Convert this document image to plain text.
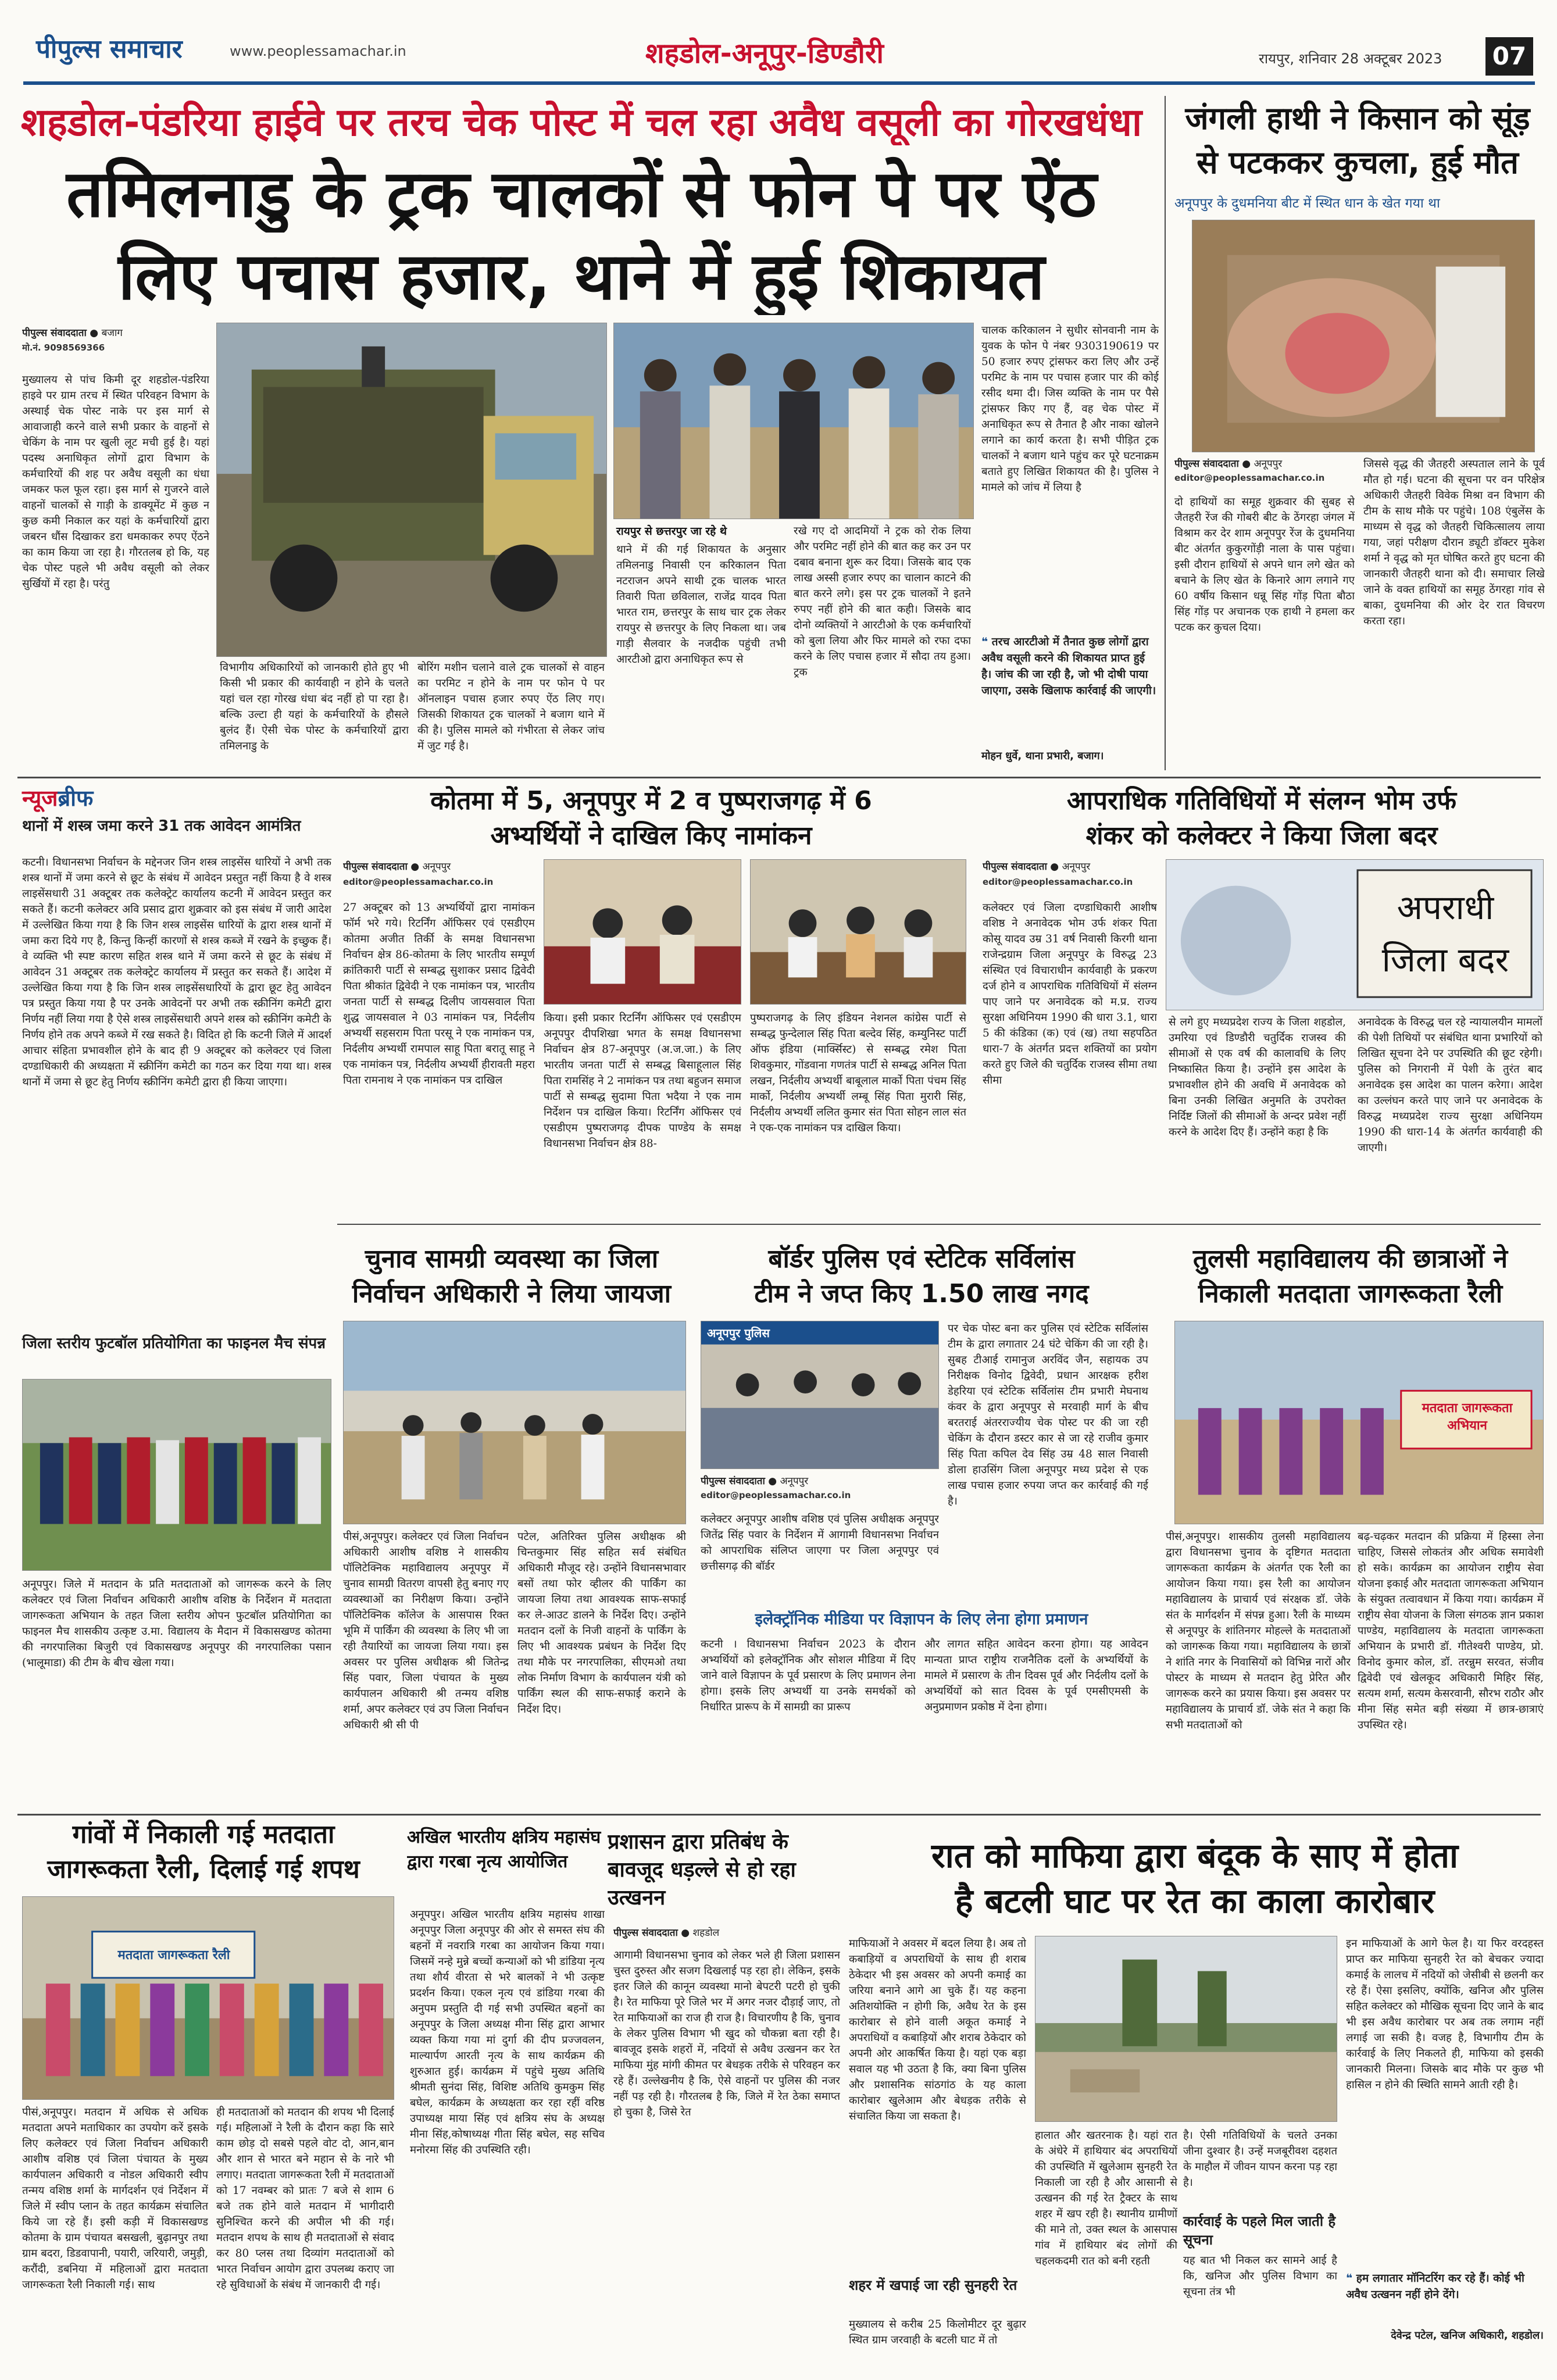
पीपुल्स समाचार	www.peoplessamachar.in	शहडोल-अनूपुर-डिण्डौरी	रायपुर, शनिवार 28 अक्टूबर 2023 07
शहडोल-पंडरिया हाईवे पर तरच चेक पोस्ट में चल रहा अवैध वसूली का गोरखधंधा
तमिलनाडु के ट्रक चालकों से फोन पे पर ऐंठ
लिए पचास हजार, थाने में हुई शिकायत
पीपुल्स संवाददाता ● बजाग
मो.नं. 9098569366
मुख्यालय से पांच किमी दूर शहडोल-पंडरिया हाइवे पर ग्राम तरच में स्थित परिवहन विभाग के अस्थाई चेक पोस्ट नाके पर इस मार्ग से आवाजाही करने वाले सभी प्रकार के वाहनों से चेकिंग के नाम पर खुली लूट मची हुई है। यहां पदस्थ अनाधिकृत लोगों द्वारा विभाग के कर्मचारियों की शह पर अवैध वसूली का धंधा जमकर फल फूल रहा। इस मार्ग से गुजरने वाले वाहनों चालकों से गाड़ी के डाक्यूमेंट में कुछ न कुछ कमी निकाल कर यहां के कर्मचारियों द्वारा जबरन धौंस दिखाकर डरा धमकाकर रुपए ऐंठने का काम किया जा रहा है। गौरतलब हो कि, यह चेक पोस्ट पहले भी अवैध वसूली को लेकर सुर्खियों में रहा है। परंतु
विभागीय अधिकारियों को जानकारी होते हुए भी किसी भी प्रकार की कार्यवाही न होने के चलते यहां चल रहा गोरख धंधा बंद नहीं हो पा रहा है। बल्कि उल्टा ही यहां के कर्मचारियों के हौसले बुलंद हैं। ऐसी चेक पोस्ट के कर्मचारियों द्वारा तमिलनाडु के
बोरिंग मशीन चलाने वाले ट्रक चालकों से वाहन का परमिट न होने के नाम पर फोन पे पर ऑनलाइन पचास हजार रुपए ऐंठ लिए गए। जिसकी शिकायत ट्रक चालकों ने बजाग थाने में की है। पुलिस मामले को गंभीरता से लेकर जांच में जुट गई है।
रायपुर से छत्तरपुर जा रहे थे
थाने में की गई शिकायत के अनुसार तमिलनाडु निवासी एन करिकालन पिता नटराजन अपने साथी ट्रक चालक भारत तिवारी पिता छविलाल, राजेंद्र यादव पिता भारत राम, छत्तरपुर के साथ चार ट्रक लेकर रायपुर से छत्तरपुर के लिए निकला था। जब गाड़ी सैलवार के नजदीक पहुंची तभी आरटीओ द्वारा अनाधिकृत रूप से
रखे गए दो आदमियों ने ट्रक को रोक लिया और परमिट नहीं होने की बात कह कर उन पर दबाव बनाना शुरू कर दिया। जिसके बाद एक लाख अस्सी हजार रुपए का चालान काटने की बात करने लगे। इस पर ट्रक चालकों ने इतने रुपए नहीं होने की बात कही। जिसके बाद दोनो व्यक्तियों ने आरटीओ के एक कर्मचारियों को बुला लिया और फिर मामले को रफा दफा करने के लिए पचास हजार में सौदा तय हुआ। ट्रक
चालक करिकालन ने सुधीर सोनवानी नाम के युवक के फोन पे नंबर 9303190619 पर 50 हजार रुपए ट्रांसफर करा लिए और उन्हें परमिट के नाम पर पचास हजार पार की कोई रसीद थमा दी। जिस व्यक्ति के नाम पर पैसे ट्रांसफर किए गए हैं, वह चेक पोस्ट में अनाधिकृत रूप से तैनात है और नाका खोलने लगाने का कार्य करता है। सभी पीड़ित ट्रक चालकों ने बजाग थाने पहुंच कर पूरे घटनाक्रम बताते हुए लिखित शिकायत की है। पुलिस ने मामले को जांच में लिया है
❝ तरच आरटीओ में तैनात कुछ लोगों द्वारा अवैध वसूली करने की शिकायत प्राप्त हुई है। जांच की जा रही है, जो भी दोषी पाया जाएगा, उसके खिलाफ कार्रवाई की जाएगी।
मोहन धुर्वे, थाना प्रभारी, बजाग।
जंगली हाथी ने किसान को सूंड़
से पटककर कुचला, हुई मौत
अनूपपुर के दुधमनिया बीट में स्थित धान के खेत गया था
पीपुल्स संवाददाता ● अनूपपुर
editor@peoplessamachar.co.in
दो हाथियों का समूह शुक्रवार की सुबह से जैतहरी रेंज की गोबरी बीट के ठेंगरहा जंगल में विश्राम कर देर शाम अनूपपुर रेंज के दुधमनिया बीट अंतर्गत कुकुरगोंड़ी नाला के पास पहुंचा। इसी दौरान हाथियों से अपने धान लगे खेत को बचाने के लिए खेत के किनारे आग लगाने गए 60 वर्षीय किसान धन्नू सिंह गोंड़ पिता बौठा सिंह गोंड़ पर अचानक एक हाथी ने हमला कर पटक कर कुचल दिया।
जिससे वृद्ध की जैतहरी अस्पताल लाने के पूर्व मौत हो गई। घटना की सूचना पर वन परिक्षेत्र अधिकारी जैतहरी विवेक मिश्रा वन विभाग की टीम के साथ मौके पर पहुंचे। 108 एंबुलेंस के माध्यम से वृद्ध को जैतहरी चिकित्सालय लाया गया, जहां परीक्षण दौरान ड्यूटी डॉक्टर मुकेश शर्मा ने वृद्ध को मृत घोषित करते हुए घटना की जानकारी जैतहरी थाना को दी। समाचार लिखे जाने के वक्त हाथियों का समूह ठेंगरहा गांव से बाका, दुधमनिया की ओर देर रात विचरण करता रहा।
न्यूजब्रीफ
थानों में शस्त्र जमा करने 31 तक आवेदन आमंत्रित
कटनी। विधानसभा निर्वाचन के मद्देनजर जिन शस्त्र लाइसेंस धारियों ने अभी तक शस्त्र थानों में जमा करने से छूट के संबंध में आवेदन प्रस्तुत नहीं किया है वे शस्त्र लाइसेंसधारी 31 अक्टूबर तक कलेक्ट्रेट कार्यालय कटनी में आवेदन प्रस्तुत कर सकते हैं। कटनी कलेक्टर अवि प्रसाद द्वारा शुक्रवार को इस संबंध में जारी आदेश में उल्लेखित किया गया है कि जिन शस्त्र लाइसेंस धारियों के द्वारा शस्त्र थानों में जमा करा दिये गए है, किन्तु किन्हीं कारणों से शस्त्र कब्जे में रखने के इच्छुक हैं। वे व्यक्ति भी स्पष्ट कारण सहित शस्त्र थाने में जमा करने से छूट के संबंध में आवेदन 31 अक्टूबर तक कलेक्ट्रेट कार्यालय में प्रस्तुत कर सकते हैं। आदेश में उल्लेखित किया गया है कि जिन शस्त्र लाइसेंसधारियों के द्वारा छूट हेतु आवेदन पत्र प्रस्तुत किया गया है पर उनके आवेदनों पर अभी तक स्क्रीनिंग कमेटी द्वारा निर्णय नहीं लिया गया है ऐसे शस्त्र लाइसेंसधारी अपने शस्त्र को स्क्रीनिंग कमेटी के निर्णय होने तक अपने कब्जे में रख सकते है। विदित हो कि कटनी जिले में आदर्श आचार संहिता प्रभावशील होने के बाद ही 9 अक्टूबर को कलेक्टर एवं जिला दण्डाधिकारी की अध्यक्षता में स्क्रीनिंग कमेटी का गठन कर दिया गया था। शस्त्र थानों में जमा से छूट हेतु निर्णय स्क्रीनिंग कमेटी द्वारा ही किया जाएगा।
जिला स्तरीय फुटबॉल प्रतियोगिता का फाइनल मैच संपन्न
अनूपपुर। जिले में मतदान के प्रति मतदाताओं को जागरूक करने के लिए कलेक्टर एवं जिला निर्वाचन अधिकारी आशीष वशिष्ठ के निर्देशन में मतदाता जागरूकता अभियान के तहत जिला स्तरीय ओपन फुटबॉल प्रतियोगिता का फाइनल मैच शासकीय उत्कृष्ट उ.मा. विद्यालय के मैदान में विकासखण्ड कोतमा की नगरपालिका बिजुरी एवं विकासखण्ड अनूपपुर की नगरपालिका पसान (भालूमाडा) की टीम के बीच खेला गया।
कोतमा में 5, अनूपपुर में 2 व पुष्पराजगढ़ में 6
अभ्यर्थियों ने दाखिल किए नामांकन
पीपुल्स संवाददाता ● अनूपपुर
editor@peoplessamachar.co.in
27 अक्टूबर को 13 अभ्यर्थियों द्वारा नामांकन फॉर्म भरे गये। रिटर्निंग ऑफिसर एवं एसडीएम कोतमा अजीत तिर्की के समक्ष विधानसभा निर्वाचन क्षेत्र 86-कोतमा के लिए भारतीय सम्पूर्ण क्रांतिकारी पार्टी से सम्बद्ध सुशाकर प्रसाद द्विवेदी पिता श्रीकांत द्विवेदी ने एक नामांकन पत्र, भारतीय जनता पार्टी से सम्बद्ध दिलीप जायसवाल पिता शुद्ध जायसवाल ने 03 नामांकन पत्र, निर्दलीय अभ्यर्थी सहसराम पिता परसू ने एक नामांकन पत्र, निर्दलीय अभ्यर्थी रामपाल साहू पिता बरातू साहू ने एक नामांकन पत्र, निर्दलीय अभ्यर्थी हीरावती महरा पिता रामनाथ ने एक नामांकन पत्र दाखिल
किया। इसी प्रकार रिटर्निंग ऑफिसर एवं एसडीएम अनूपपुर दीपशिखा भगत के समक्ष विधानसभा निर्वाचन क्षेत्र 87-अनूपपुर (अ.ज.जा.) के लिए भारतीय जनता पार्टी से सम्बद्ध बिसाहूलाल सिंह पिता रामसिंह ने 2 नामांकन पत्र तथा बहुजन समाज पार्टी से सम्बद्ध सुदामा पिता भदैया ने एक नाम निर्देशन पत्र दाखिल किया। रिटर्निंग ऑफिसर एवं एसडीएम पुष्पराजगढ़ दीपक पाण्डेय के समक्ष विधानसभा निर्वाचन क्षेत्र 88-
पुष्पराजगढ़ के लिए इंडियन नेशनल कांग्रेस पार्टी से सम्बद्ध फुन्देलाल सिंह पिता बल्देव सिंह, कम्युनिस्ट पार्टी ऑफ इंडिया (मार्क्सिस्ट) से सम्बद्ध रमेश पिता शिवकुमार, गोंडवाना गणतंत्र पार्टी से सम्बद्ध अनिल पिता लखन, निर्दलीय अभ्यर्थी बाबूलाल मार्को पिता पंचम सिंह मार्को, निर्दलीय अभ्यर्थी लम्बू सिंह पिता मुरारी सिंह, निर्दलीय अभ्यर्थी ललित कुमार संत पिता सोहन लाल संत ने एक-एक नामांकन पत्र दाखिल किया।
आपराधिक गतिविधियों में संलग्न भोम उर्फ
शंकर को कलेक्टर ने किया जिला बदर
पीपुल्स संवाददाता ● अनूपपुर
editor@peoplessamachar.co.in
अपराधी
जिला बदर
कलेक्टर एवं जिला दण्डाधिकारी आशीष वशिष्ठ ने अनावेदक भोम उर्फ शंकर पिता कोसू यादव उम्र 31 वर्ष निवासी किरगी थाना राजेन्द्रग्राम जिला अनूपपुर के विरुद्ध 23 संस्थित एवं विचाराधीन कार्यवाही के प्रकरण दर्ज होने व आपराधिक गतिविधियों में संलग्न पाए जाने पर अनावेदक को म.प्र. राज्य सुरक्षा अधिनियम 1990 की धारा 3.1, धारा 5 की कंडिका (क) एवं (ख) तथा सहपठित धारा-7 के अंतर्गत प्रदत्त शक्तियों का प्रयोग करते हुए जिले की चतुर्दिक राजस्व सीमा तथा सीमा
से लगे हुए मध्यप्रदेश राज्य के जिला शहडोल, उमरिया एवं डिण्डौरी चतुर्दिक राजस्व की सीमाओं से एक वर्ष की कालावधि के लिए निष्कासित किया है। उन्होंने इस आदेश के प्रभावशील होने की अवधि में अनावेदक को बिना उनकी लिखित अनुमति के उपरोक्त निर्दिष्ट जिलों की सीमाओं के अन्दर प्रवेश नहीं करने के आदेश दिए हैं। उन्होंने कहा है कि
अनावेदक के विरुद्ध चल रहे न्यायालयीन मामलों की पेशी तिथियों पर संबंधित थाना प्रभारियों को लिखित सूचना देने पर उपस्थिति की छूट रहेगी। पुलिस को निगरानी में पेशी के तुरंत बाद अनावेदक इस आदेश का पालन करेगा। आदेश का उल्लंघन करते पाए जाने पर अनावेदक के विरुद्ध मध्यप्रदेश राज्य सुरक्षा अधिनियम 1990 की धारा-14 के अंतर्गत कार्यवाही की जाएगी।
चुनाव सामग्री व्यवस्था का जिला
निर्वाचन अधिकारी ने लिया जायजा
पीसं,अनूपपुर। कलेक्टर एवं जिला निर्वाचन अधिकारी आशीष वशिष्ठ ने शासकीय पॉलिटेक्निक महाविद्यालय अनूपपुर में चुनाव सामग्री वितरण वापसी हेतु बनाए गए व्यवस्थाओं का निरीक्षण किया। उन्होंने पॉलिटेक्निक कॉलेज के आसपास रिक्त भूमि में पार्किंग की व्यवस्था के लिए भी जा रही तैयारियों का जायजा लिया गया। इस अवसर पर पुलिस अधीक्षक श्री जितेन्द्र सिंह पवार, जिला पंचायत के मुख्य कार्यपालन अधिकारी श्री तन्मय वशिष्ठ शर्मा, अपर कलेक्टर एवं उप जिला निर्वाचन अधिकारी श्री सी पी
पटेल, अतिरिक्त पुलिस अधीक्षक श्री चिन्तकुमार सिंह सहित सर्व संबंधित अधिकारी मौजूद रहे। उन्होंने विधानसभावार बसों तथा फोर व्हीलर की पार्किंग का जायजा लिया तथा आवश्यक साफ-सफाई कर ले-आउट डालने के निर्देश दिए। उन्होंने मतदान दलों के निजी वाहनों के पार्किंग के लिए भी आवश्यक प्रबंधन के निर्देश दिए तथा मौके पर नगरपालिका, सीएमओ तथा लोक निर्माण विभाग के कार्यपालन यंत्री को पार्किंग स्थल की साफ-सफाई कराने के निर्देश दिए।
बॉर्डर पुलिस एवं स्टेटिक सर्विलांस
टीम ने जप्त किए 1.50 लाख नगद
अनूपपुर पुलिस
पीपुल्स संवाददाता ● अनूपपुर
editor@peoplessamachar.co.in
कलेक्टर अनूपपुर आशीष वशिष्ठ एवं पुलिस अधीक्षक अनूपपुर जितेंद्र सिंह पवार के निर्देशन में आगामी विधानसभा निर्वाचन को आपराधिक संलिप्त जाएगा पर जिला अनूपपुर एवं छत्तीसगढ़ की बॉर्डर
पर चेक पोस्ट बना कर पुलिस एवं स्टेटिक सर्विलांस टीम के द्वारा लगातार 24 घंटे चेकिंग की जा रही है। सुबह टीआई रामानुज अरविंद जैन, सहायक उप निरीक्षक विनोद द्विवेदी, प्रधान आरक्षक हरीश डेहरिया एवं स्टेटिक सर्विलांस टीम प्रभारी मेघनाथ कंवर के द्वारा अनूपपुर से मरवाही मार्ग के बीच बरतराई अंतरराज्यीय चेक पोस्ट पर की जा रही चेकिंग के दौरान डस्टर कार से जा रहे राजीव कुमार सिंह पिता कपिल देव सिंह उम्र 48 साल निवासी डोला हाउसिंग जिला अनूपपुर मध्य प्रदेश से एक लाख पचास हजार रुपया जप्त कर कार्रवाई की गई है।
इलेक्ट्रॉनिक मीडिया पर विज्ञापन के लिए लेना होगा प्रमाणन
कटनी । विधानसभा निर्वाचन 2023 के दौरान अभ्यर्थियों को इलेक्ट्रॉनिक और सोशल मीडिया में दिए जाने वाले विज्ञापन के पूर्व प्रसारण के लिए प्रमाणन लेना होगा। इसके लिए अभ्यर्थी या उनके समर्थकों को निर्धारित प्रारूप के में सामग्री का प्रारूप
और लागत सहित आवेदन करना होगा। यह आवेदन मान्यता प्राप्त राष्ट्रीय राजनैतिक दलों के अभ्यर्थियों के मामले में प्रसारण के तीन दिवस पूर्व और निर्दलीय दलों के अभ्यर्थियों को सात दिवस के पूर्व एमसीएमसी के अनुप्रमाणन प्रकोष्ठ में देना होगा।
तुलसी महाविद्यालय की छात्राओं ने
निकाली मतदाता जागरूकता रैली
मतदाता जागरूकता अभियान
पीसं,अनूपपुर। शासकीय तुलसी महाविद्यालय द्वारा विधानसभा चुनाव के दृष्टिगत मतदाता जागरूकता कार्यक्रम के अंतर्गत एक रैली का आयोजन किया गया। इस रैली का आयोजन महाविद्यालय के प्राचार्य एवं संरक्षक डॉ. जेके संत के मार्गदर्शन में संपन्न हुआ। रैली के माध्यम से अनूपपुर के शांतिनगर मोहल्ले के मतदाताओं को जागरूक किया गया। महाविद्यालय के छात्रों ने शांति नगर के निवासियों को विभिन्न नारों और पोस्टर के माध्यम से मतदान हेतु प्रेरित और जागरूक करने का प्रयास किया। इस अवसर पर महाविद्यालय के प्राचार्य डॉ. जेके संत ने कहा कि सभी मतदाताओं को
बढ़-चढ़कर मतदान की प्रक्रिया में हिस्सा लेना चाहिए, जिससे लोकतंत्र और अधिक समावेशी हो सके। कार्यक्रम का आयोजन राष्ट्रीय सेवा योजना इकाई और मतदाता जागरूकता अभियान के संयुक्त तत्वावधान में किया गया। कार्यक्रम में राष्ट्रीय सेवा योजना के जिला संगठक ज्ञान प्रकाश पाण्डेय, महाविद्यालय के मतदाता जागरूकता अभियान के प्रभारी डॉ. गीतेश्वरी पाण्डेय, प्रो. विनोद कुमार कोल, डॉ. तरन्नुम सरवत, संजीव द्विवेदी एवं खेलकूद अधिकारी मिहिर सिंह, सत्यम शर्मा, सत्यम केसरवानी, सौरभ राठौर और मीना सिंह समेत बड़ी संख्या में छात्र-छात्राएं उपस्थित रहे।
गांवों में निकाली गई मतदाता
जागरूकता रैली, दिलाई गई शपथ
मतदाता जागरूकता रैली
पीसं,अनूपपुर। मतदान में अधिक से अधिक मतदाता अपने मताधिकार का उपयोग करें इसके लिए कलेक्टर एवं जिला निर्वाचन अधिकारी आशीष वशिष्ठ एवं जिला पंचायत के मुख्य कार्यपालन अधिकारी व नोडल अधिकारी स्वीप तन्मय वशिष्ठ शर्मा के मार्गदर्शन एवं निर्देशन में जिले में स्वीप प्लान के तहत कार्यक्रम संचालित किये जा रहे हैं। इसी कड़ी में विकासखण्ड कोतमा के ग्राम पंचायत बसखली, बुढ़ानपुर तथा ग्राम बदरा, डिडवापानी, पयारी, जरियारी, जमुड़ी, करौंदी, डबनिया में महिलाओं द्वारा मतदाता जागरूकता रैली निकाली गई। साथ
ही मतदाताओं को मतदान की शपथ भी दिलाई गई। महिलाओं ने रैली के दौरान कहा कि सारे काम छोड़ दो सबसे पहले वोट दो, आन,बान और शान से भारत बने महान से के नारे भी लगाए। मतदाता जागरूकता रैली में मतदाताओं को 17 नवम्बर को प्रातः 7 बजे से शाम 6 बजे तक होने वाले मतदान में भागीदारी सुनिश्चित करने की अपील भी की गई। मतदान शपथ के साथ ही मतदाताओं से संवाद कर 80 प्लस तथा दिव्यांग मतदाताओं को भारत निर्वाचन आयोग द्वारा उपलब्ध कराए जा रहे सुविधाओं के संबंध में जानकारी दी गई।
अखिल भारतीय क्षत्रिय महासंघ द्वारा गरबा नृत्य आयोजित
अनूपपुर। अखिल भारतीय क्षत्रिय महासंघ शाखा अनूपपुर जिला अनूपपुर की ओर से समस्त संघ की बहनों में नवरात्रि गरबा का आयोजन किया गया। जिसमें नन्हे मुन्ने बच्चों कन्याओं को भी डांडिया नृत्य तथा शौर्य वीरता से भरे बालकों ने भी उत्कृष्ट प्रदर्शन किया। एकल नृत्य एवं डांडिया गरबा की अनुपम प्रस्तुति दी गई सभी उपस्थित बहनों का अनूपपुर के जिला अध्यक्ष मीना सिंह द्वारा आभार व्यक्त किया गया मां दुर्गा की दीप प्रज्जवलन, माल्यार्पण आरती नृत्य के साथ कार्यक्रम की शुरुआत हुई। कार्यक्रम में पहुंचे मुख्य अतिथि श्रीमती सुनंदा सिंह, विशिष्ट अतिथि कुमकुम सिंह बघेल, कार्यक्रम के अध्यक्षता कर रहा रहीं वरिष्ठ उपाध्यक्ष माया सिंह एवं क्षत्रिय संघ के अध्यक्ष मीना सिंह,कोषाध्यक्ष गीता सिंह बघेल, सह सचिव मनोरमा सिंह की उपस्थिति रही।
प्रशासन द्वारा प्रतिबंध के बावजूद धड़ल्ले से हो रहा उत्खनन
पीपुल्स संवाददाता ● शहडोल
आगामी विधानसभा चुनाव को लेकर भले ही जिला प्रशासन चुस्त दुरुस्त और सजग दिखलाई पड़ रहा हो। लेकिन, इसके इतर जिले की कानून व्यवस्था मानो बेपटरी पटरी हो चुकी है। रेत माफिया पूरे जिले भर में अगर नजर दौड़ाई जाए, तो रेत माफियाओं का राज ही राज है। विचारणीय है कि, चुनाव के लेकर पुलिस विभाग भी खुद को चौकन्ना बता रही है। बावजूद इसके शहरों में, नदियों से अवैध उत्खनन कर रेत माफिया मुंह मांगी कीमत पर बेधड़क तरीके से परिवहन कर रहे हैं। उल्लेखनीय है कि, ऐसे वाहनों पर पुलिस की नजर नहीं पड़ रही है। गौरतलब है कि, जिले में रेत ठेका समाप्त हो चुका है, जिसे रेत
रात को माफिया द्वारा बंदूक के साए में होता
है बटली घाट पर रेत का काला कारोबार
माफियाओं ने अवसर में बदल लिया है। अब तो कबाड़ियों व अपराधियों के साथ ही शराब ठेकेदार भी इस अवसर को अपनी कमाई का जरिया बनाने आगे आ चुके हैं। यह कहना अतिशयोक्ति न होगी कि, अवैध रेत के इस कारोबार से होने वाली अकूत कमाई ने अपराधियों व कबाड़ियों और शराब ठेकेदार को अपनी ओर आकर्षित किया है। यहां एक बड़ा सवाल यह भी उठता है कि, क्या बिना पुलिस और प्रशासनिक सांठगांठ के यह काला कारोबार खुलेआम और बेधड़क तरीके से संचालित किया जा सकता है।
शहर में खपाई जा रही सुनहरी रेत
मुख्यालय से करीब 25 किलोमीटर दूर बुढ़ार स्थित ग्राम जरवाही के बटली घाट में तो
हालात और खतरनाक है। यहां रात के अंधेरे में हाथियार बंद अपराधियों की उपस्थिति में खुलेआम सुनहरी रेत निकाली जा रही है और आसानी से उत्खनन की गई रेत ट्रैक्टर के साथ शहर में खप रही है। स्थानीय ग्रामीणों की माने तो, उक्त स्थल के आसपास गांव में हाथियार बंद लोगों की चहलकदमी रात को बनी रहती
है। ऐसी गतिविधियों के चलते उनका जीना दुश्वार है। उन्हें मजबूरीवश दहशत के माहौल में जीवन यापन करना पड़ रहा है।
कार्रवाई के पहले मिल जाती है सूचना
यह बात भी निकल कर सामने आई है कि, खनिज और पुलिस विभाग का सूचना तंत्र भी
इन माफियाओं के आगे फेल है। या फिर वरदहस्त प्राप्त कर माफिया सुनहरी रेत को बेचकर ज्यादा कमाई के लालच में नदियों को जेसीबी से छलनी कर रहे हैं। ऐसा इसलिए, क्योंकि, खनिज और पुलिस सहित कलेक्टर को मौखिक सूचना दिए जाने के बाद भी इस अवैध कारोबार पर अब तक लगाम नहीं लगाई जा सकी है। वजह है, विभागीय टीम के कार्रवाई के लिए निकलते ही, माफिया को इसकी जानकारी मिलना। जिसके बाद मौके पर कुछ भी हासिल न होने की स्थिति सामने आती रही है।
❝ हम लगातार मॉनिटरिंग कर रहे हैं। कोई भी अवैध उत्खनन नहीं होने देंगे।
देवेन्द्र पटेल, खनिज अधिकारी, शहडोल।
